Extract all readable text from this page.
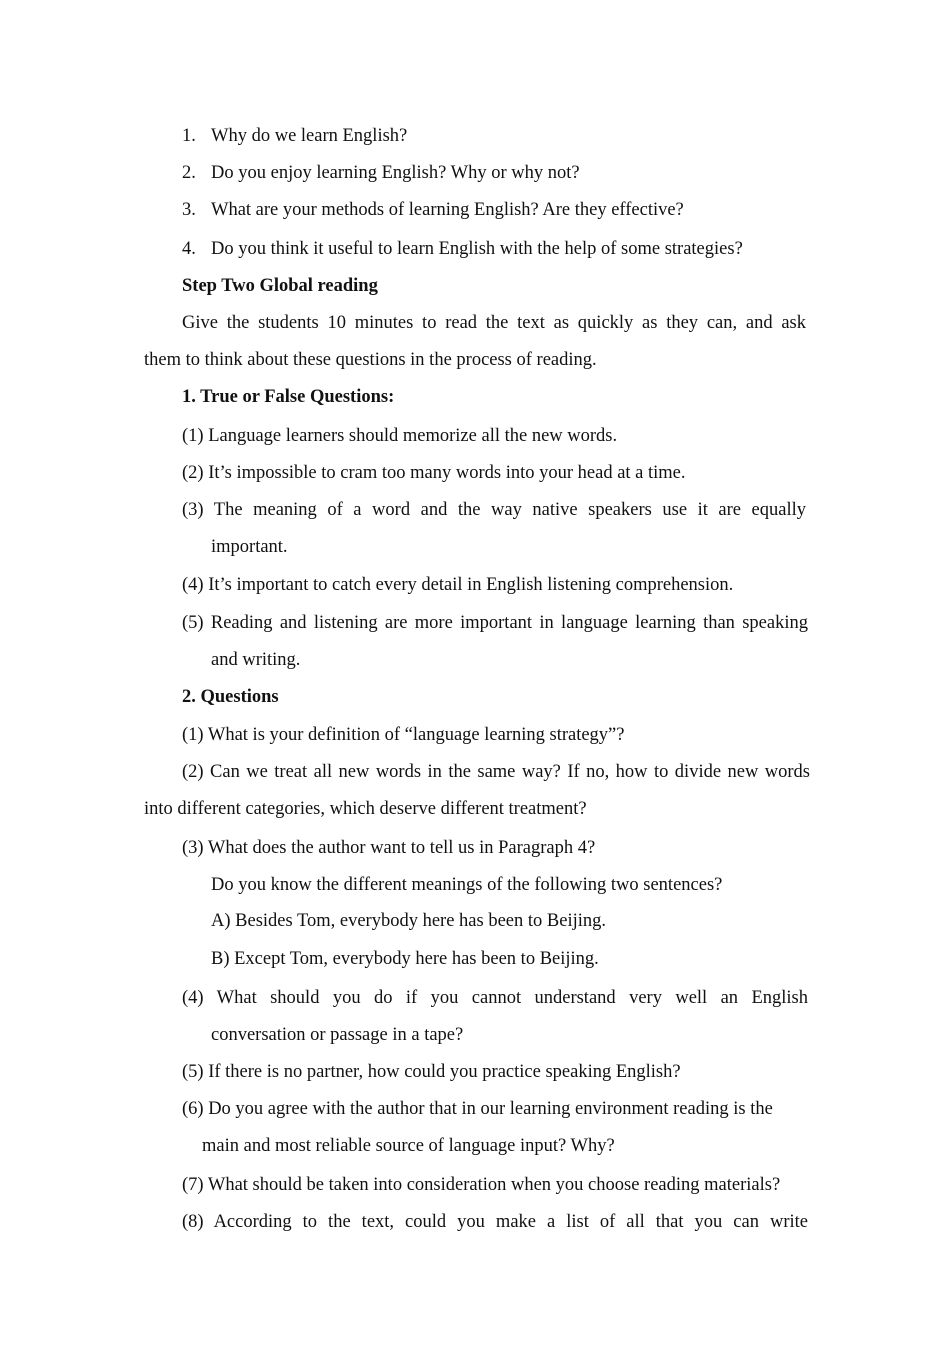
1. Why do we learn English?

2. Do you enjoy learning English? Why or why not?

3. What are your methods of learning English? Are they effective?

4. Do you think it useful to learn English with the help of some strategies?

Step Two Global reading

Give the students 10 minutes to read the text as quickly as they can, and ask

them to think about these questions in the process of reading.

1. True or False Questions:

(1) Language learners should memorize all the new words.

(2) It’s impossible to cram too many words into your head at a time.

(3) The meaning of a word and the way native speakers use it are equally

important.

(4) It’s important to catch every detail in English listening comprehension.

(5) Reading and listening are more important in language learning than speaking

and writing.

2. Questions

(1) What is your definition of “language learning strategy”?

(2) Can we treat all new words in the same way? If no, how to divide new words

into different categories, which deserve different treatment?

(3) What does the author want to tell us in Paragraph 4?

Do you know the different meanings of the following two sentences?

A) Besides Tom, everybody here has been to Beijing.

B) Except Tom, everybody here has been to Beijing.

(4) What should you do if you cannot understand very well an English

conversation or passage in a tape?

(5) If there is no partner, how could you practice speaking English?

(6) Do you agree with the author that in our learning environment reading is the

main and most reliable source of language input? Why?

(7) What should be taken into consideration when you choose reading materials?

(8) According to the text, could you make a list of all that you can write
